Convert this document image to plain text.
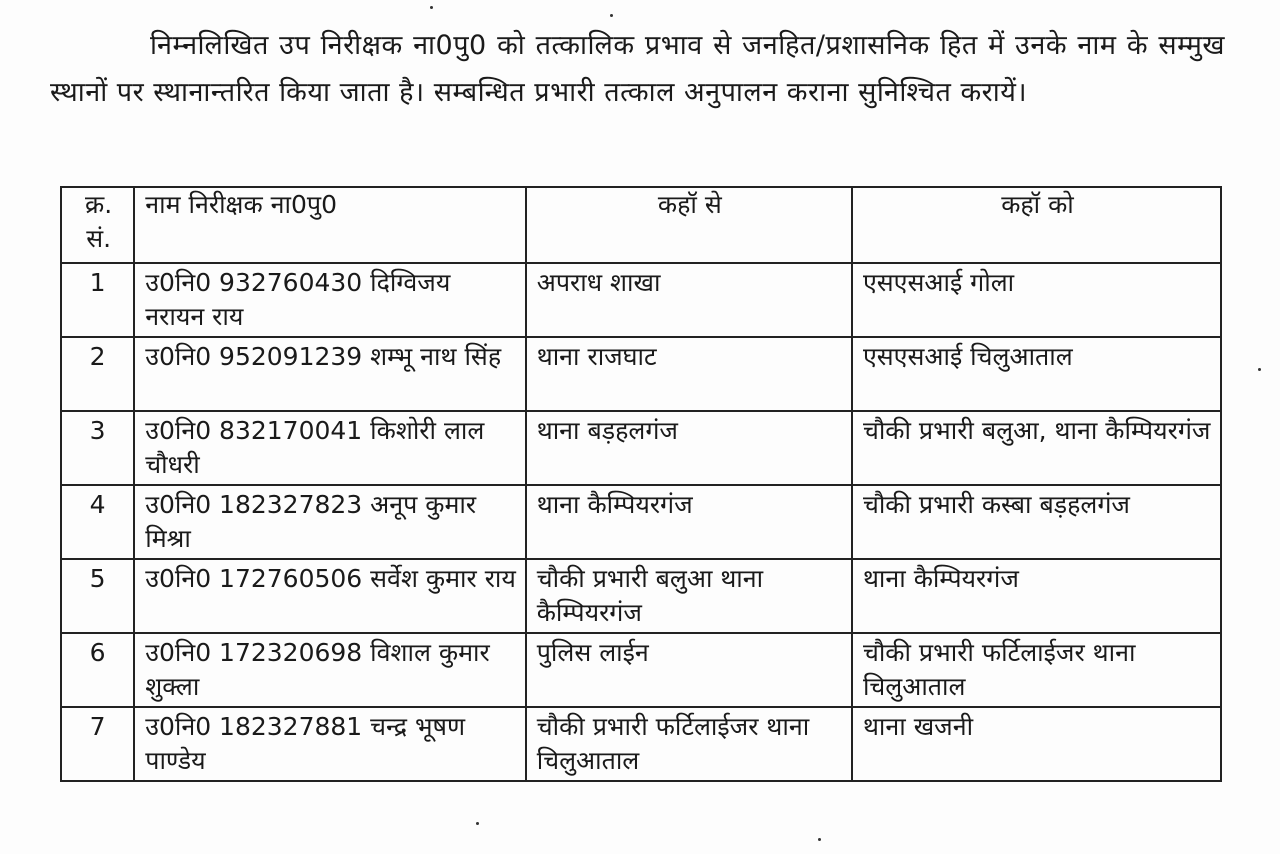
निम्नलिखित उप निरीक्षक ना0पु0 को तत्कालिक प्रभाव से जनहित/प्रशासनिक हित में उनके नाम के सम्मुख स्थानों पर स्थानान्तरित किया जाता है। सम्बन्धित प्रभारी तत्काल अनुपालन कराना सुनिश्चित करायें।

क्र. सं.	नाम निरीक्षक ना0पु0	कहॉ से	कहॉ को
1	उ0नि0 932760430 दिग्विजय नरायन राय	अपराध शाखा	एसएसआई गोला
2	उ0नि0 952091239 शम्भू नाथ सिंह	थाना राजघाट	एसएसआई चिलुआताल
3	उ0नि0 832170041 किशोरी लाल चौधरी	थाना बड़हलगंज	चौकी प्रभारी बलुआ, थाना कैम्पियरगंज
4	उ0नि0 182327823 अनूप कुमार मिश्रा	थाना कैम्पियरगंज	चौकी प्रभारी कस्बा बड़हलगंज
5	उ0नि0 172760506 सर्वेश कुमार राय	चौकी प्रभारी बलुआ थाना कैम्पियरगंज	थाना कैम्पियरगंज
6	उ0नि0 172320698 विशाल कुमार शुक्ला	पुलिस लाईन	चौकी प्रभारी फर्टिलाईजर थाना चिलुआताल
7	उ0नि0 182327881 चन्द्र भूषण पाण्डेय	चौकी प्रभारी फर्टिलाईजर थाना चिलुआताल	थाना खजनी
